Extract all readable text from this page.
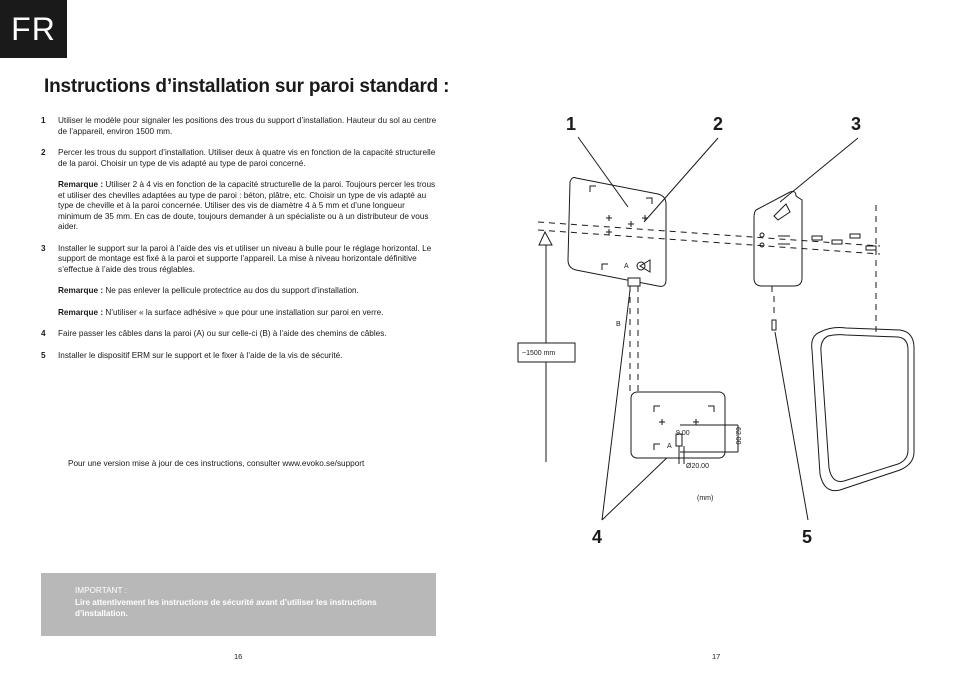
FR
Instructions d’installation sur paroi standard :
1 Utiliser le modèle pour signaler les positions des trous du support d’installation. Hauteur du sol au centre de l’appareil, environ 1500 mm.

2 Percer les trous du support d’installation. Utiliser deux à quatre vis en fonction de la capacité structurelle de la paroi. Choisir un type de vis adapté au type de paroi concerné.

Remarque : Utiliser 2 à 4 vis en fonction de la capacité structurelle de la paroi. Toujours percer les trous et utiliser des chevilles adaptées au type de paroi : béton, plâtre, etc. Choisir un type de vis adapté au type de cheville et à la paroi concernée. Utiliser des vis de diamètre 4 à 5 mm et d’une longueur minimum de 35 mm. En cas de doute, toujours demander à un spécialiste ou à un distributeur de vous aider.

3 Installer le support sur la paroi à l’aide des vis et utiliser un niveau à bulle pour le réglage horizontal. Le support de montage est fixé à la paroi et supporte l’appareil. La mise à niveau horizontale définitive s’effectue à l’aide des trous réglables.

Remarque : Ne pas enlever la pellicule protectrice au dos du support d’installation.

Remarque : N’utiliser « la surface adhésive » que pour une installation sur paroi en verre.

4 Faire passer les câbles dans la paroi (A) ou sur celle-ci (B) à l’aide des chemins de câbles.

5 Installer le dispositif ERM sur le support et le fixer à l’aide de la vis de sécurité.

Pour une version mise à jour de ces instructions, consulter www.evoko.se/support
IMPORTANT :
Lire attentivement les instructions de sécurité avant d’utiliser les instructions d’installation.
16	17
1	2	3
4	5
~1500 mm
A
B
A
9.00	62.00
Ø20.00
(mm)
